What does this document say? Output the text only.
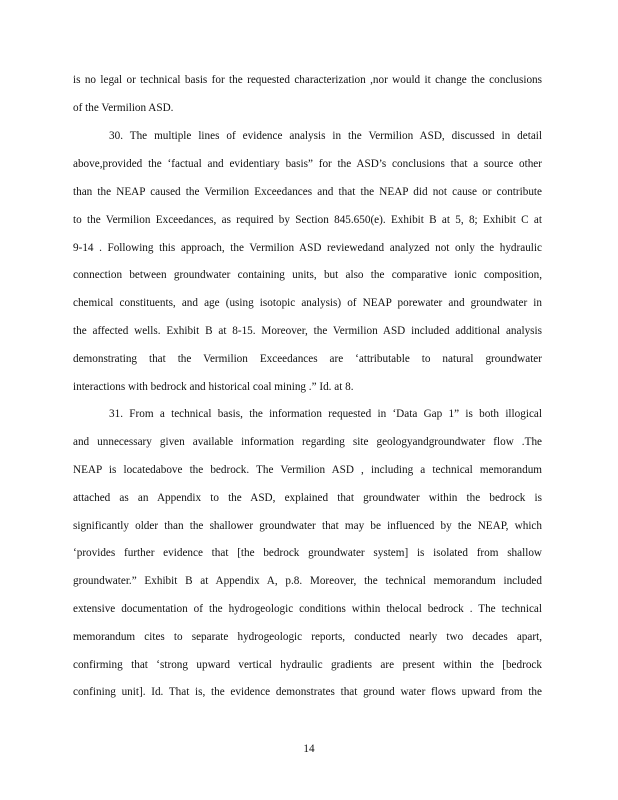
is no legal or technical basis for the requested characterization ,nor would it change the conclusions
of the Vermilion ASD.
30. The multiple lines of evidence analysis in the Vermilion ASD, discussed in detail
above,provided the ‘factual and evidentiary basis” for the ASD’s conclusions that a source other
than the NEAP caused the Vermilion Exceedances and that the NEAP did not cause or contribute
to the Vermilion Exceedances, as required by Section 845.650(e). Exhibit B at 5, 8; Exhibit C at
9-14 . Following this approach, the Vermilion ASD reviewedand analyzed not only the hydraulic
connection between groundwater containing units, but also the comparative ionic composition,
chemical constituents, and age (using isotopic analysis) of NEAP porewater and groundwater in
the affected wells. Exhibit B at 8-15. Moreover, the Vermilion ASD included additional analysis
demonstrating that the Vermilion Exceedances are ‘attributable to natural groundwater
interactions with bedrock and historical coal mining .” Id. at 8.
31. From a technical basis, the information requested in ‘Data Gap 1” is both illogical
and unnecessary given available information regarding site geologyandgroundwater flow .The
NEAP is locatedabove the bedrock. The Vermilion ASD , including a technical memorandum
attached as an Appendix to the ASD, explained that groundwater within the bedrock is
significantly older than the shallower groundwater that may be influenced by the NEAP, which
‘provides further evidence that [the bedrock groundwater system] is isolated from shallow
groundwater.” Exhibit B at Appendix A, p.8. Moreover, the technical memorandum included
extensive documentation of the hydrogeologic conditions within thelocal bedrock . The technical
memorandum cites to separate hydrogeologic reports, conducted nearly two decades apart,
confirming that ‘strong upward vertical hydraulic gradients are present within the [bedrock
confining unit]. Id. That is, the evidence demonstrates that ground water flows upward from the
14
